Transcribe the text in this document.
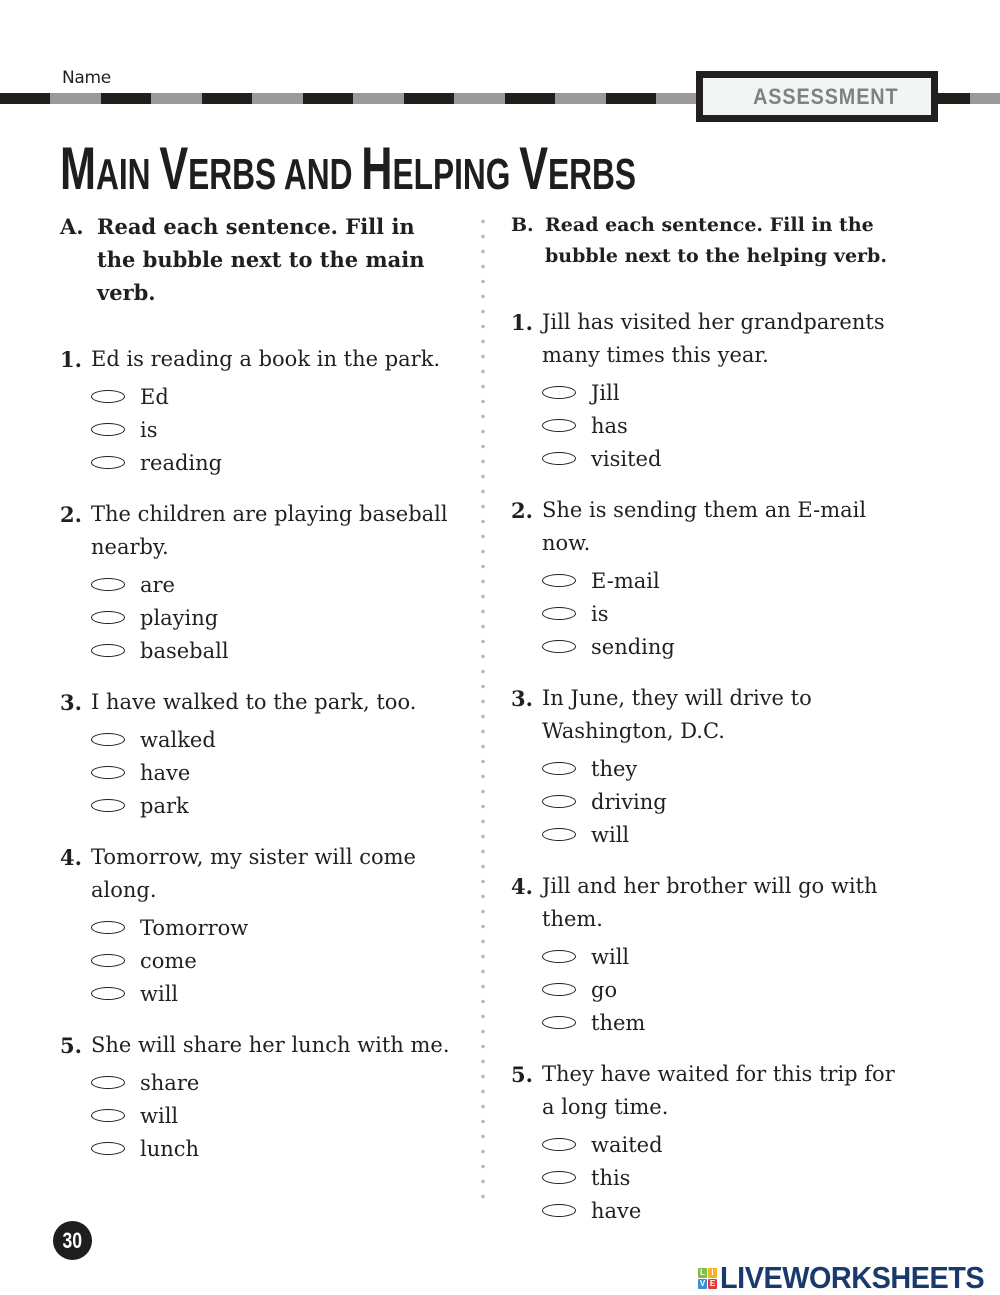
Name
ASSESSMENT
MAIN VERBS AND HELPING VERBS
A. Read each sentence. Fill in the bubble next to the main verb.
1. Ed is reading a book in the park.
Ed
is
reading
2. The children are playing baseball nearby.
are
playing
baseball
3. I have walked to the park, too.
walked
have
park
4. Tomorrow, my sister will come along.
Tomorrow
come
will
5. She will share her lunch with me.
share
will
lunch
B. Read each sentence. Fill in the bubble next to the helping verb.
1. Jill has visited her grandparents many times this year.
Jill
has
visited
2. She is sending them an E-mail now.
E-mail
is
sending
3. In June, they will drive to Washington, D.C.
they
driving
will
4. Jill and her brother will go with them.
will
go
them
5. They have waited for this trip for a long time.
waited
this
have
30
L I
V E LIVEWORKSHEETS
